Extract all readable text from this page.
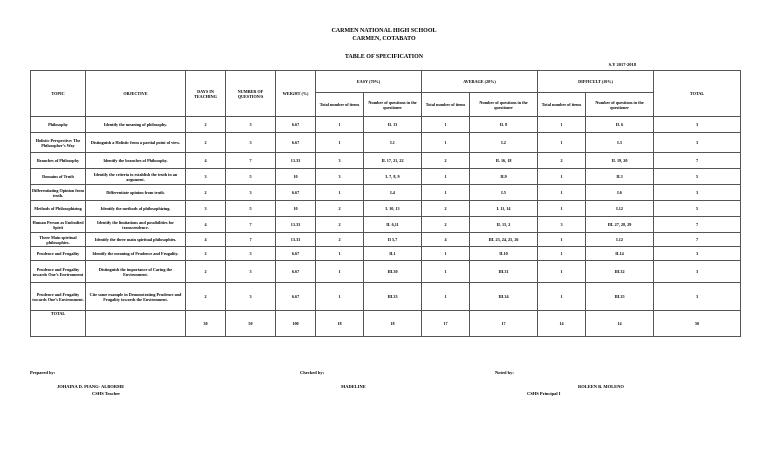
CARMEN NATIONAL HIGH SCHOOL
CARMEN, COTABATO
TABLE OF SPECIFICATION
S.Y 2017-2018
TOPIC	OBJECTIVE	DAYS IN TEACHING	NUMBER OF QUESTION/S	WEIGHT (%)	EASY (70%)		AVERAGE (20%)		DIFFICULT (10%)		TOTAL
					Total number of items	Number of questions in the questioner	Total number of items	Number of questions in the questioner	Total number of items	Number of questions in the questioner	
Philosophy	Identify the meaning of philosophy.	2	3	6.67	1	II. 13	1	II. 8	1	II. 6	3
Holistic Perspective: The Philosopher’s Way	Distinguish a Holistic from a partial point of view.	2	3	6.67	1	I.1	1	I.2	1	I.3	3
Branches of Philosophy	Identify the branches of Philosophy.	4	7	13.33	3	II. 17, 21, 22	2	II. 16, 18	2	II. 19, 20	7
Domains of Truth	Identify the criteria to establish the truth in an argument.	3	5	10	3	I. 7, 8, 9	1	II.9	1	II.3	5
Differentiating Opinion from truth.	Differentiate opinion from truth.	2	3	6.67	1	I.4	1	I.5	1	I.6	3
Methods of Philosophizing	Identify the methods of philosophizing.	3	5	10	2	I. 10, 13	2	I. 11, 14	1	I.12	5
Human Person as Embodied Spirit	Identify the limitations and possibilities for transcendence.	4	7	13.33	2	II. 6,11	2	II. 15, 2	3	III. 27, 28, 29	7
Three Main spiritual philosophies.	Identify the three main spiritual philosophies.	4	7	13.33	2	II 5,7	4	III. 23, 24, 25, 26	1	I.12	7
Prudence and Frugality	Identify the meaning of Prudence and Frugality.	2	3	6.67	1	II.1	1	II.10	1	II.14	3
Prudence and Frugality towards One’s Environment	Distinguish the importance of Caring the Environment.	2	3	6.67	1	III.30	1	III.31	1	III.32	3
Prudence and Frugality towards One’s Environment.	Cite some example in Demonstrating Prudence and Frugality towards the Environment.	2	3	6.67	1	III.33	1	III.34	1	III.35	3
TOTAL		30	50	100	18	18	17	17	14	14	50
Prepared by:
JOHAINA D. PIANG- ALBORME
CSHS Teacher
Checked by:
MADELINE
Noted by:
ROLEEN B. MOLENO
CSHS Principal I
